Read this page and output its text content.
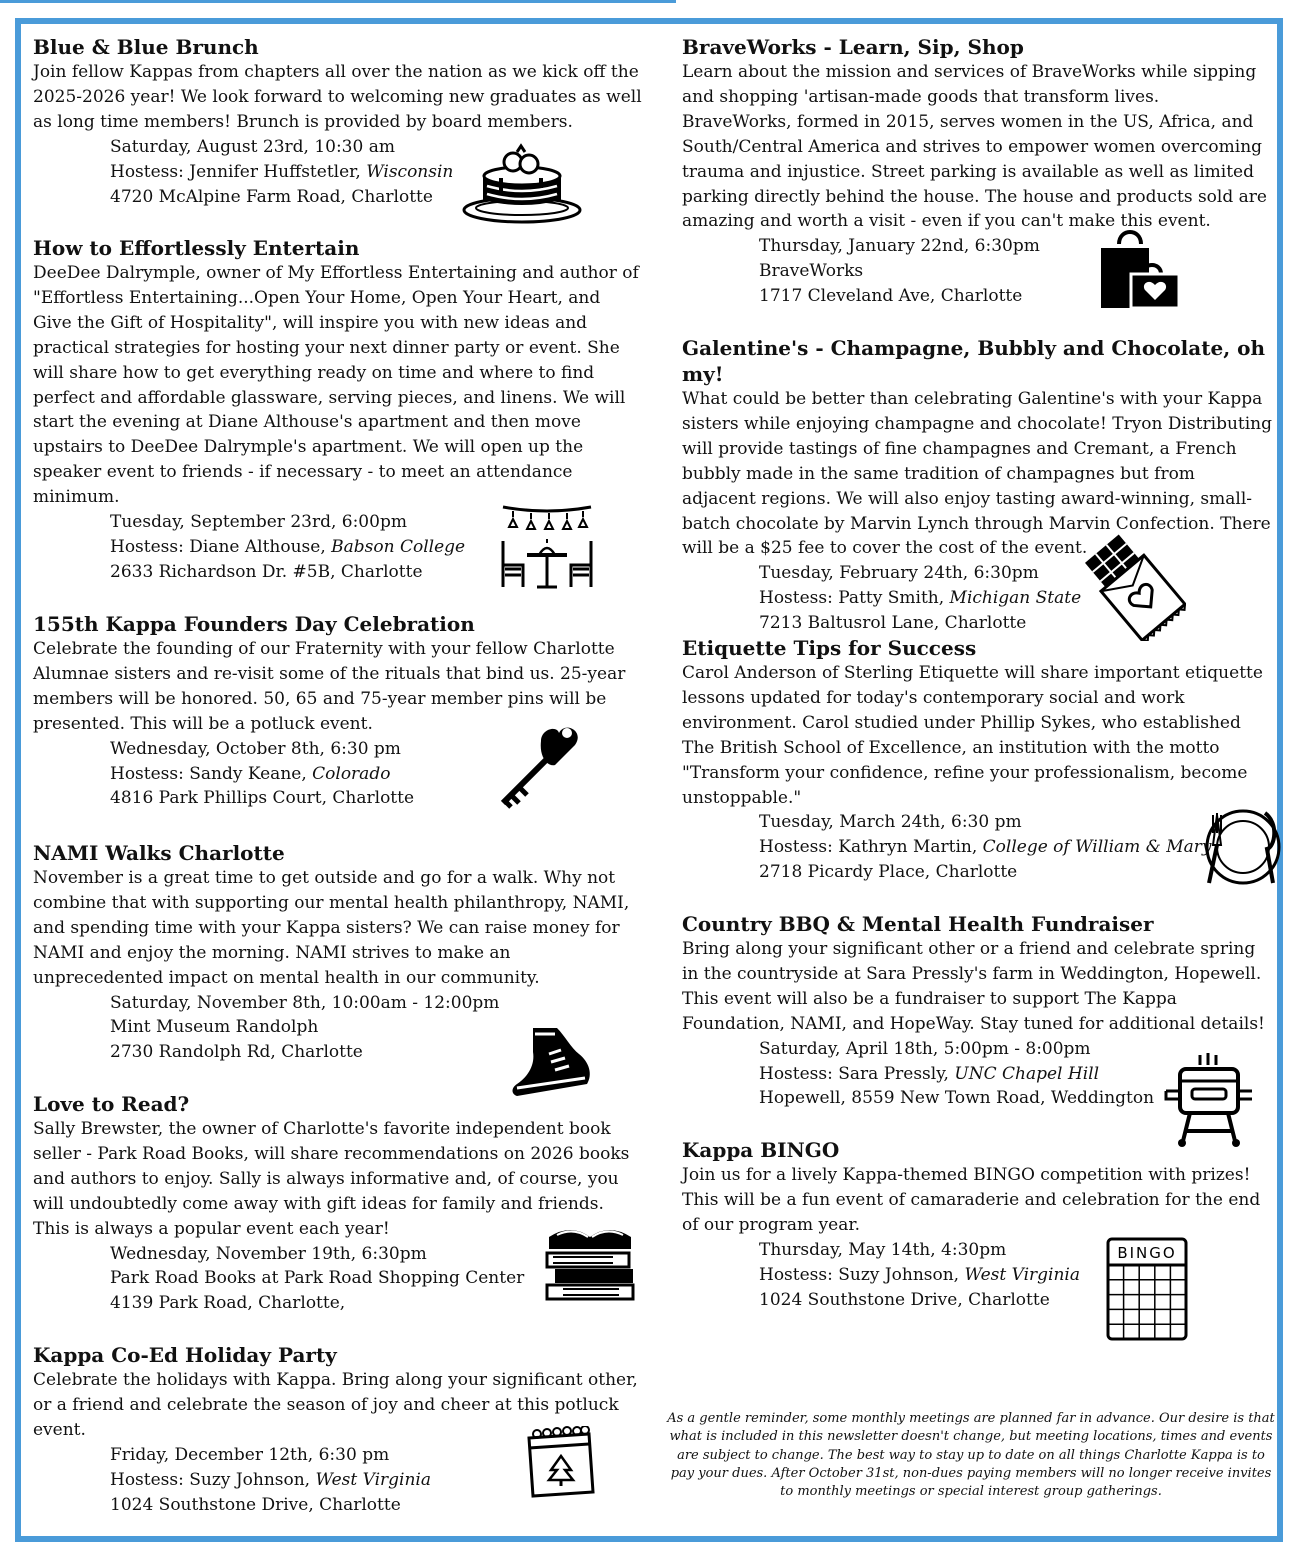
Blue & Blue Brunch

Join fellow Kappas from chapters all over the nation as we kick off the 2025-2026 year! We look forward to welcoming new graduates as well as long time members! Brunch is provided by board members.

Saturday, August 23rd, 10:30 am
Hostess: Jennifer Huffstetler, Wisconsin
4720 McAlpine Farm Road, Charlotte
How to Effortlessly Entertain

DeeDee Dalrymple, owner of My Effortless Entertaining and author of "Effortless Entertaining...Open Your Home, Open Your Heart, and Give the Gift of Hospitality", will inspire you with new ideas and practical strategies for hosting your next dinner party or event. She will share how to get everything ready on time and where to find perfect and affordable glassware, serving pieces, and linens. We will start the evening at Diane Althouse's apartment and then move upstairs to DeeDee Dalrymple's apartment. We will open up the speaker event to friends - if necessary - to meet an attendance minimum.

Tuesday, September 23rd, 6:00pm
Hostess: Diane Althouse, Babson College
2633 Richardson Dr. #5B, Charlotte
155th Kappa Founders Day Celebration

Celebrate the founding of our Fraternity with your fellow Charlotte Alumnae sisters and re-visit some of the rituals that bind us. 25-year members will be honored. 50, 65 and 75-year member pins will be presented. This will be a potluck event.

Wednesday, October 8th, 6:30 pm
Hostess: Sandy Keane, Colorado
4816 Park Phillips Court, Charlotte
NAMI Walks Charlotte

November is a great time to get outside and go for a walk. Why not combine that with supporting our mental health philanthropy, NAMI, and spending time with your Kappa sisters? We can raise money for NAMI and enjoy the morning. NAMI strives to make an unprecedented impact on mental health in our community.

Saturday, November 8th, 10:00am - 12:00pm
Mint Museum Randolph
2730 Randolph Rd, Charlotte
Love to Read?

Sally Brewster, the owner of Charlotte's favorite independent book seller - Park Road Books, will share recommendations on 2026 books and authors to enjoy. Sally is always informative and, of course, you will undoubtedly come away with gift ideas for family and friends. This is always a popular event each year!

Wednesday, November 19th, 6:30pm
Park Road Books at Park Road Shopping Center
4139 Park Road, Charlotte,
Kappa Co-Ed Holiday Party

Celebrate the holidays with Kappa. Bring along your significant other, or a friend and celebrate the season of joy and cheer at this potluck event.

Friday, December 12th, 6:30 pm
Hostess: Suzy Johnson, West Virginia
1024 Southstone Drive, Charlotte
BraveWorks - Learn, Sip, Shop

Learn about the mission and services of BraveWorks while sipping and shopping 'artisan-made goods that transform lives. BraveWorks, formed in 2015, serves women in the US, Africa, and South/Central America and strives to empower women overcoming trauma and injustice. Street parking is available as well as limited parking directly behind the house. The house and products sold are amazing and worth a visit - even if you can't make this event.

Thursday, January 22nd, 6:30pm
BraveWorks
1717 Cleveland Ave, Charlotte
Galentine's - Champagne, Bubbly and Chocolate, oh my!

What could be better than celebrating Galentine's with your Kappa sisters while enjoying champagne and chocolate! Tryon Distributing will provide tastings of fine champagnes and Cremant, a French bubbly made in the same tradition of champagnes but from adjacent regions. We will also enjoy tasting award-winning, small-batch chocolate by Marvin Lynch through Marvin Confection. There will be a $25 fee to cover the cost of the event.

Tuesday, February 24th, 6:30pm
Hostess: Patty Smith, Michigan State
7213 Baltusrol Lane, Charlotte
Etiquette Tips for Success

Carol Anderson of Sterling Etiquette will share important etiquette lessons updated for today's contemporary social and work environment. Carol studied under Phillip Sykes, who established The British School of Excellence, an institution with the motto "Transform your confidence, refine your professionalism, become unstoppable."

Tuesday, March 24th, 6:30 pm
Hostess: Kathryn Martin, College of William & Mary
2718 Picardy Place, Charlotte
Country BBQ & Mental Health Fundraiser

Bring along your significant other or a friend and celebrate spring in the countryside at Sara Pressly's farm in Weddington, Hopewell. This event will also be a fundraiser to support The Kappa Foundation, NAMI, and HopeWay. Stay tuned for additional details!

Saturday, April 18th, 5:00pm - 8:00pm
Hostess: Sara Pressly, UNC Chapel Hill
Hopewell, 8559 New Town Road, Weddington
Kappa BINGO

Join us for a lively Kappa-themed BINGO competition with prizes! This will be a fun event of camaraderie and celebration for the end of our program year.

Thursday, May 14th, 4:30pm
Hostess: Suzy Johnson, West Virginia
1024 Southstone Drive, Charlotte
BINGO
As a gentle reminder, some monthly meetings are planned far in advance. Our desire is that what is included in this newsletter doesn't change, but meeting locations, times and events are subject to change. The best way to stay up to date on all things Charlotte Kappa is to pay your dues. After October 31st, non-dues paying members will no longer receive invites to monthly meetings or special interest group gatherings.
